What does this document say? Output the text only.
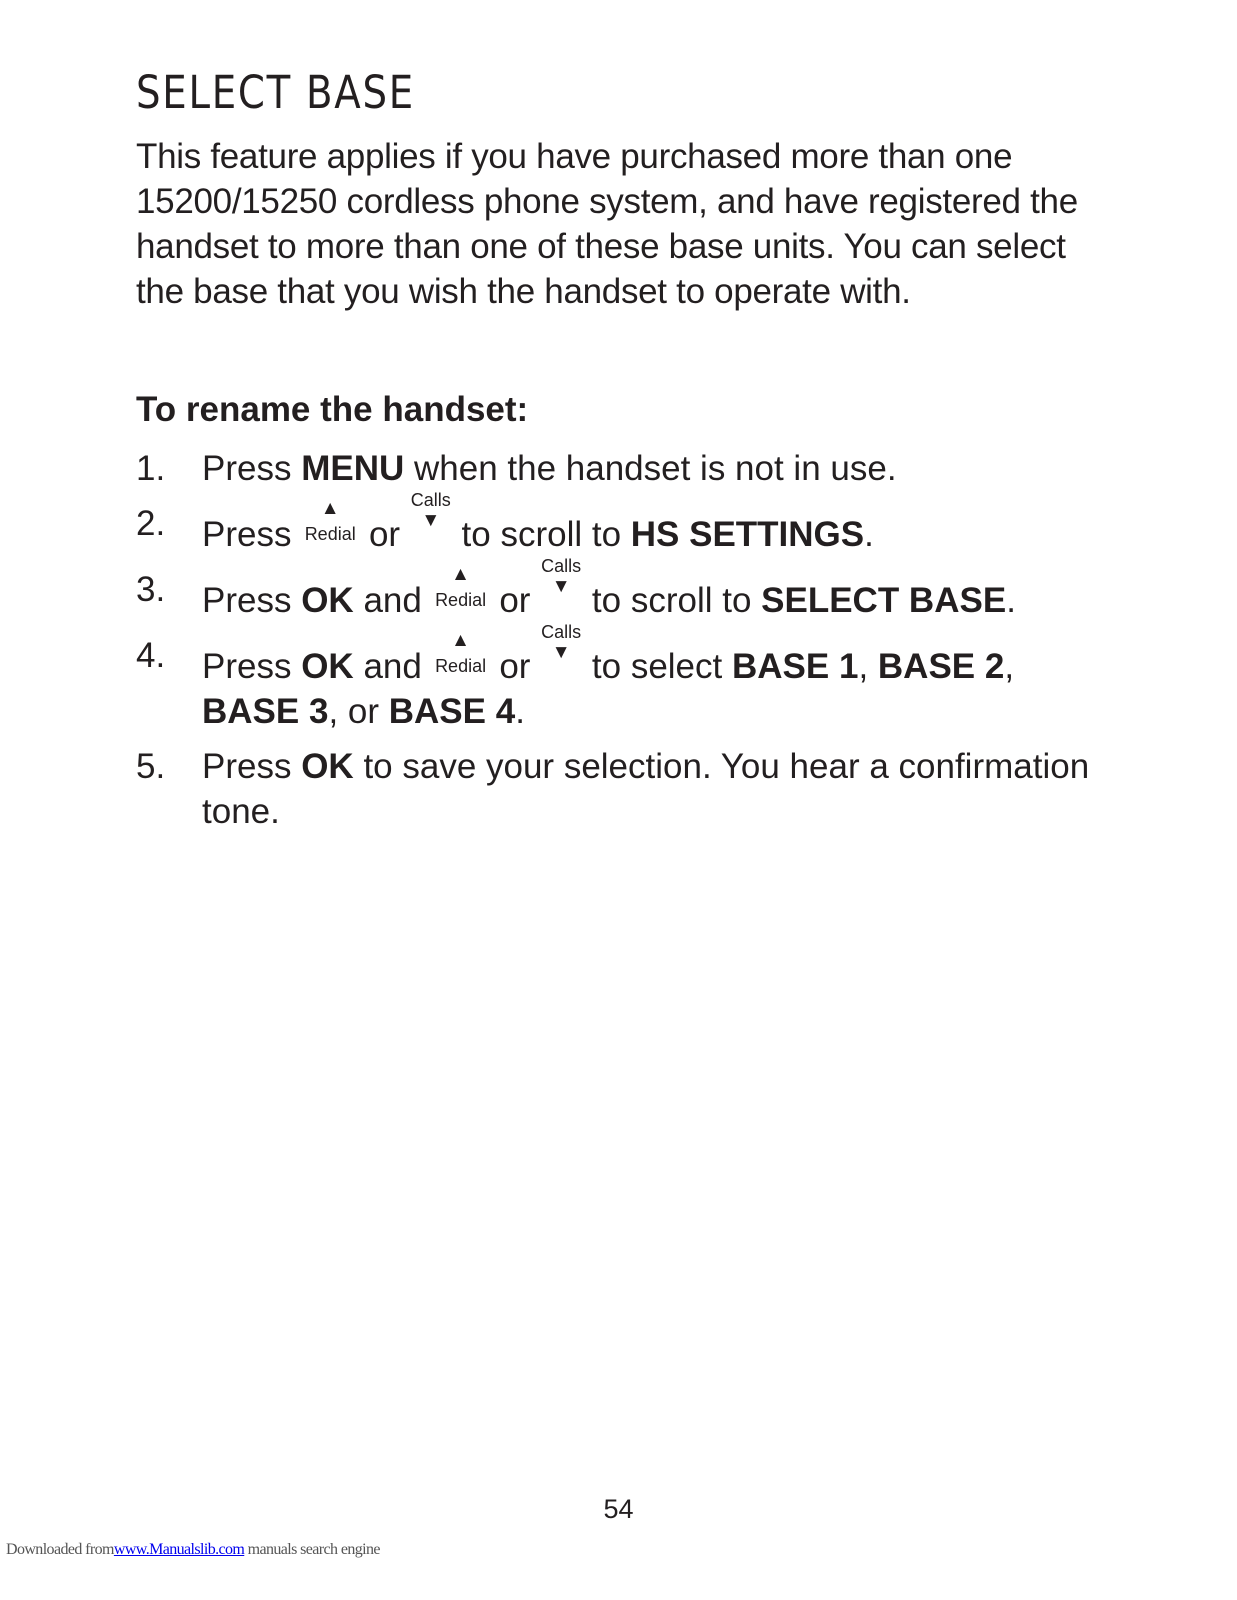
SELECT BASE

This feature applies if you have purchased more than one 15200/15250 cordless phone system, and have registered the handset to more than one of these base units. You can select the base that you wish the handset to operate with.

To rename the handset:
1. Press MENU when the handset is not in use.
2. Press
▲
Redial or
Calls
▼ to scroll to HS SETTINGS.
3. Press OK and
▲
Redial or
Calls
▼ to scroll to SELECT BASE.
4. Press OK and
▲
Redial or
Calls
▼ to select BASE 1, BASE 2, BASE 3, or BASE 4.
5. Press OK to save your selection. You hear a confirmation tone.

54

Downloaded fromwww.Manualslib.com manuals search engine
